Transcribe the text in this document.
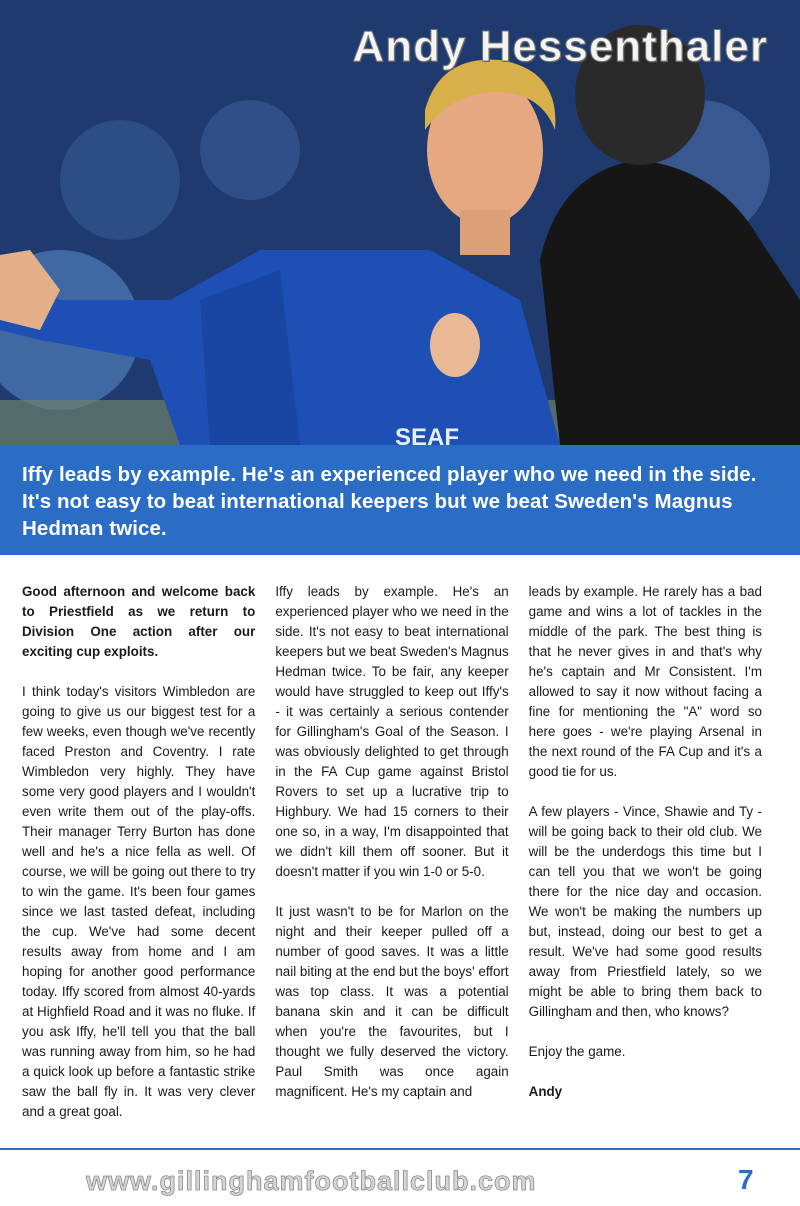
SEAF
Andy Hessenthaler
Iffy leads by example. He's an experienced player who we need in the side. It's not easy to beat international keepers but we beat Sweden's Magnus Hedman twice.

Good afternoon and welcome back to Priestfield as we return to Division One action after our exciting cup exploits.

I think today's visitors Wimbledon are going to give us our biggest test for a few weeks, even though we've recently faced Preston and Coventry. I rate Wimbledon very highly. They have some very good players and I wouldn't even write them out of the play-offs. Their manager Terry Burton has done well and he's a nice fella as well. Of course, we will be going out there to try to win the game. It's been four games since we last tasted defeat, including the cup. We've had some decent results away from home and I am hoping for another good performance today. Iffy scored from almost 40-yards at Highfield Road and it was no fluke. If you ask Iffy, he'll tell you that the ball was running away from him, so he had a quick look up before a fantastic strike saw the ball fly in. It was very clever and a great goal.

Iffy leads by example. He's an experienced player who we need in the side. It's not easy to beat international keepers but we beat Sweden's Magnus Hedman twice. To be fair, any keeper would have struggled to keep out Iffy's - it was certainly a serious contender for Gillingham's Goal of the Season. I was obviously delighted to get through in the FA Cup game against Bristol Rovers to set up a lucrative trip to Highbury. We had 15 corners to their one so, in a way, I'm disappointed that we didn't kill them off sooner. But it doesn't matter if you win 1-0 or 5-0.

It just wasn't to be for Marlon on the night and their keeper pulled off a number of good saves. It was a little nail biting at the end but the boys' effort was top class. It was a potential banana skin and it can be difficult when you're the favourites, but I thought we fully deserved the victory. Paul Smith was once again magnificent. He's my captain and

leads by example. He rarely has a bad game and wins a lot of tackles in the middle of the park. The best thing is that he never gives in and that's why he's captain and Mr Consistent. I'm allowed to say it now without facing a fine for mentioning the "A" word so here goes - we're playing Arsenal in the next round of the FA Cup and it's a good tie for us.

A few players - Vince, Shawie and Ty - will be going back to their old club. We will be the underdogs this time but I can tell you that we won't be going there for the nice day and occasion. We won't be making the numbers up but, instead, doing our best to get a result. We've had some good results away from Priestfield lately, so we might be able to bring them back to Gillingham and then, who knows?

Enjoy the game.

Andy

www.gillinghamfootballclub.com	7
